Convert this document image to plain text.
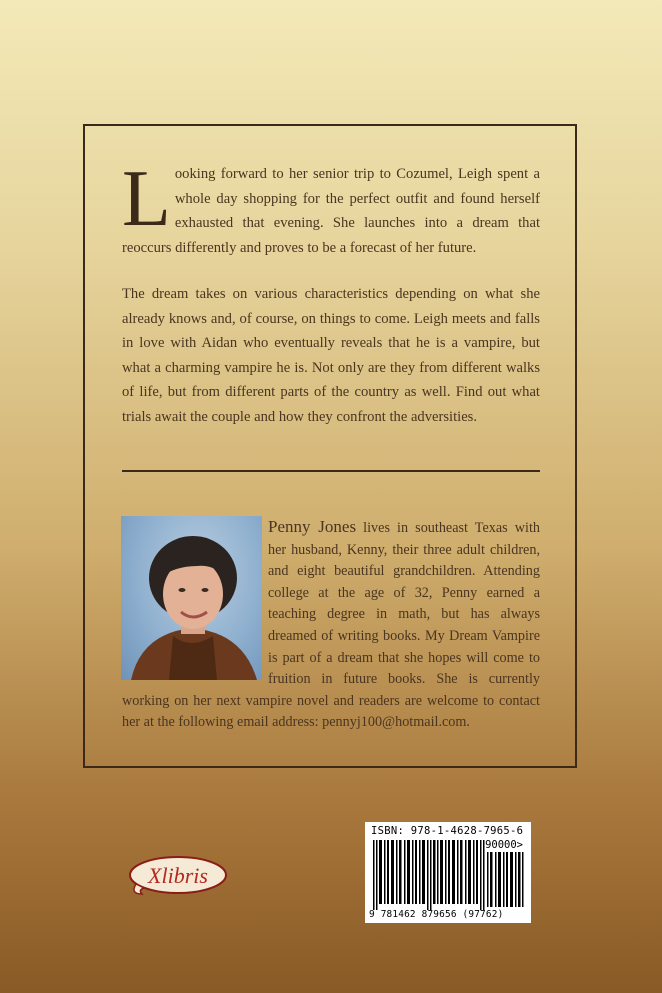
Looking forward to her senior trip to Cozumel, Leigh spent a whole day shopping for the perfect outfit and found herself exhausted that evening. She launches into a dream that reoccurs differently and proves to be a forecast of her future.

The dream takes on various characteristics depending on what she already knows and, of course, on things to come. Leigh meets and falls in love with Aidan who eventually reveals that he is a vampire, but what a charming vampire he is. Not only are they from different walks of life, but from different parts of the country as well. Find out what trials await the couple and how they confront the adversities.

Penny Jones lives in southeast Texas with her husband, Kenny, their three adult children, and eight beautiful grandchildren. Attending college at the age of 32, Penny earned a teaching degree in math, but has always dreamed of writing books. My Dream Vampire is part of a dream that she hopes will come to fruition in future books. She is currently working on her next vampire novel and readers are welcome to contact her at the following email address: pennyj100@hotmail.com.
ISBN: 978-1-4628-7965-6
90000>
9 781462 879656 (97762)
Xlibris
